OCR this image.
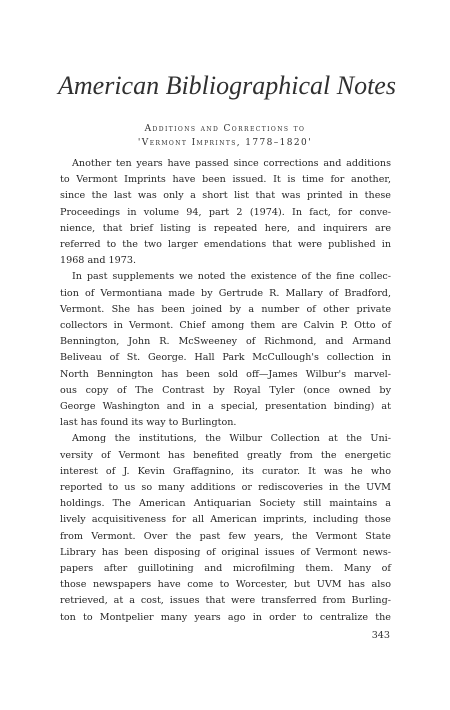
American Bibliographical Notes
Additions and Corrections to
'Vermont Imprints, 1778–1820'

Another ten years have passed since corrections and additions
to Vermont Imprints have been issued. It is time for another,
since the last was only a short list that was printed in these
Proceedings in volume 94, part 2 (1974). In fact, for conve-
nience, that brief listing is repeated here, and inquirers are
referred to the two larger emendations that were published in
1968 and 1973.

In past supplements we noted the existence of the fine collec-
tion of Vermontiana made by Gertrude R. Mallary of Bradford,
Vermont. She has been joined by a number of other private
collectors in Vermont. Chief among them are Calvin P. Otto of
Bennington, John R. McSweeney of Richmond, and Armand
Beliveau of St. George. Hall Park McCullough's collection in
North Bennington has been sold off—James Wilbur's marvel-
ous copy of The Contrast by Royal Tyler (once owned by
George Washington and in a special, presentation binding) at
last has found its way to Burlington.

Among the institutions, the Wilbur Collection at the Uni-
versity of Vermont has benefited greatly from the energetic
interest of J. Kevin Graffagnino, its curator. It was he who
reported to us so many additions or rediscoveries in the UVM
holdings. The American Antiquarian Society still maintains a
lively acquisitiveness for all American imprints, including those
from Vermont. Over the past few years, the Vermont State
Library has been disposing of original issues of Vermont news-
papers after guillotining and microfilming them. Many of
those newspapers have come to Worcester, but UVM has also
retrieved, at a cost, issues that were transferred from Burling-
ton to Montpelier many years ago in order to centralize the

343
